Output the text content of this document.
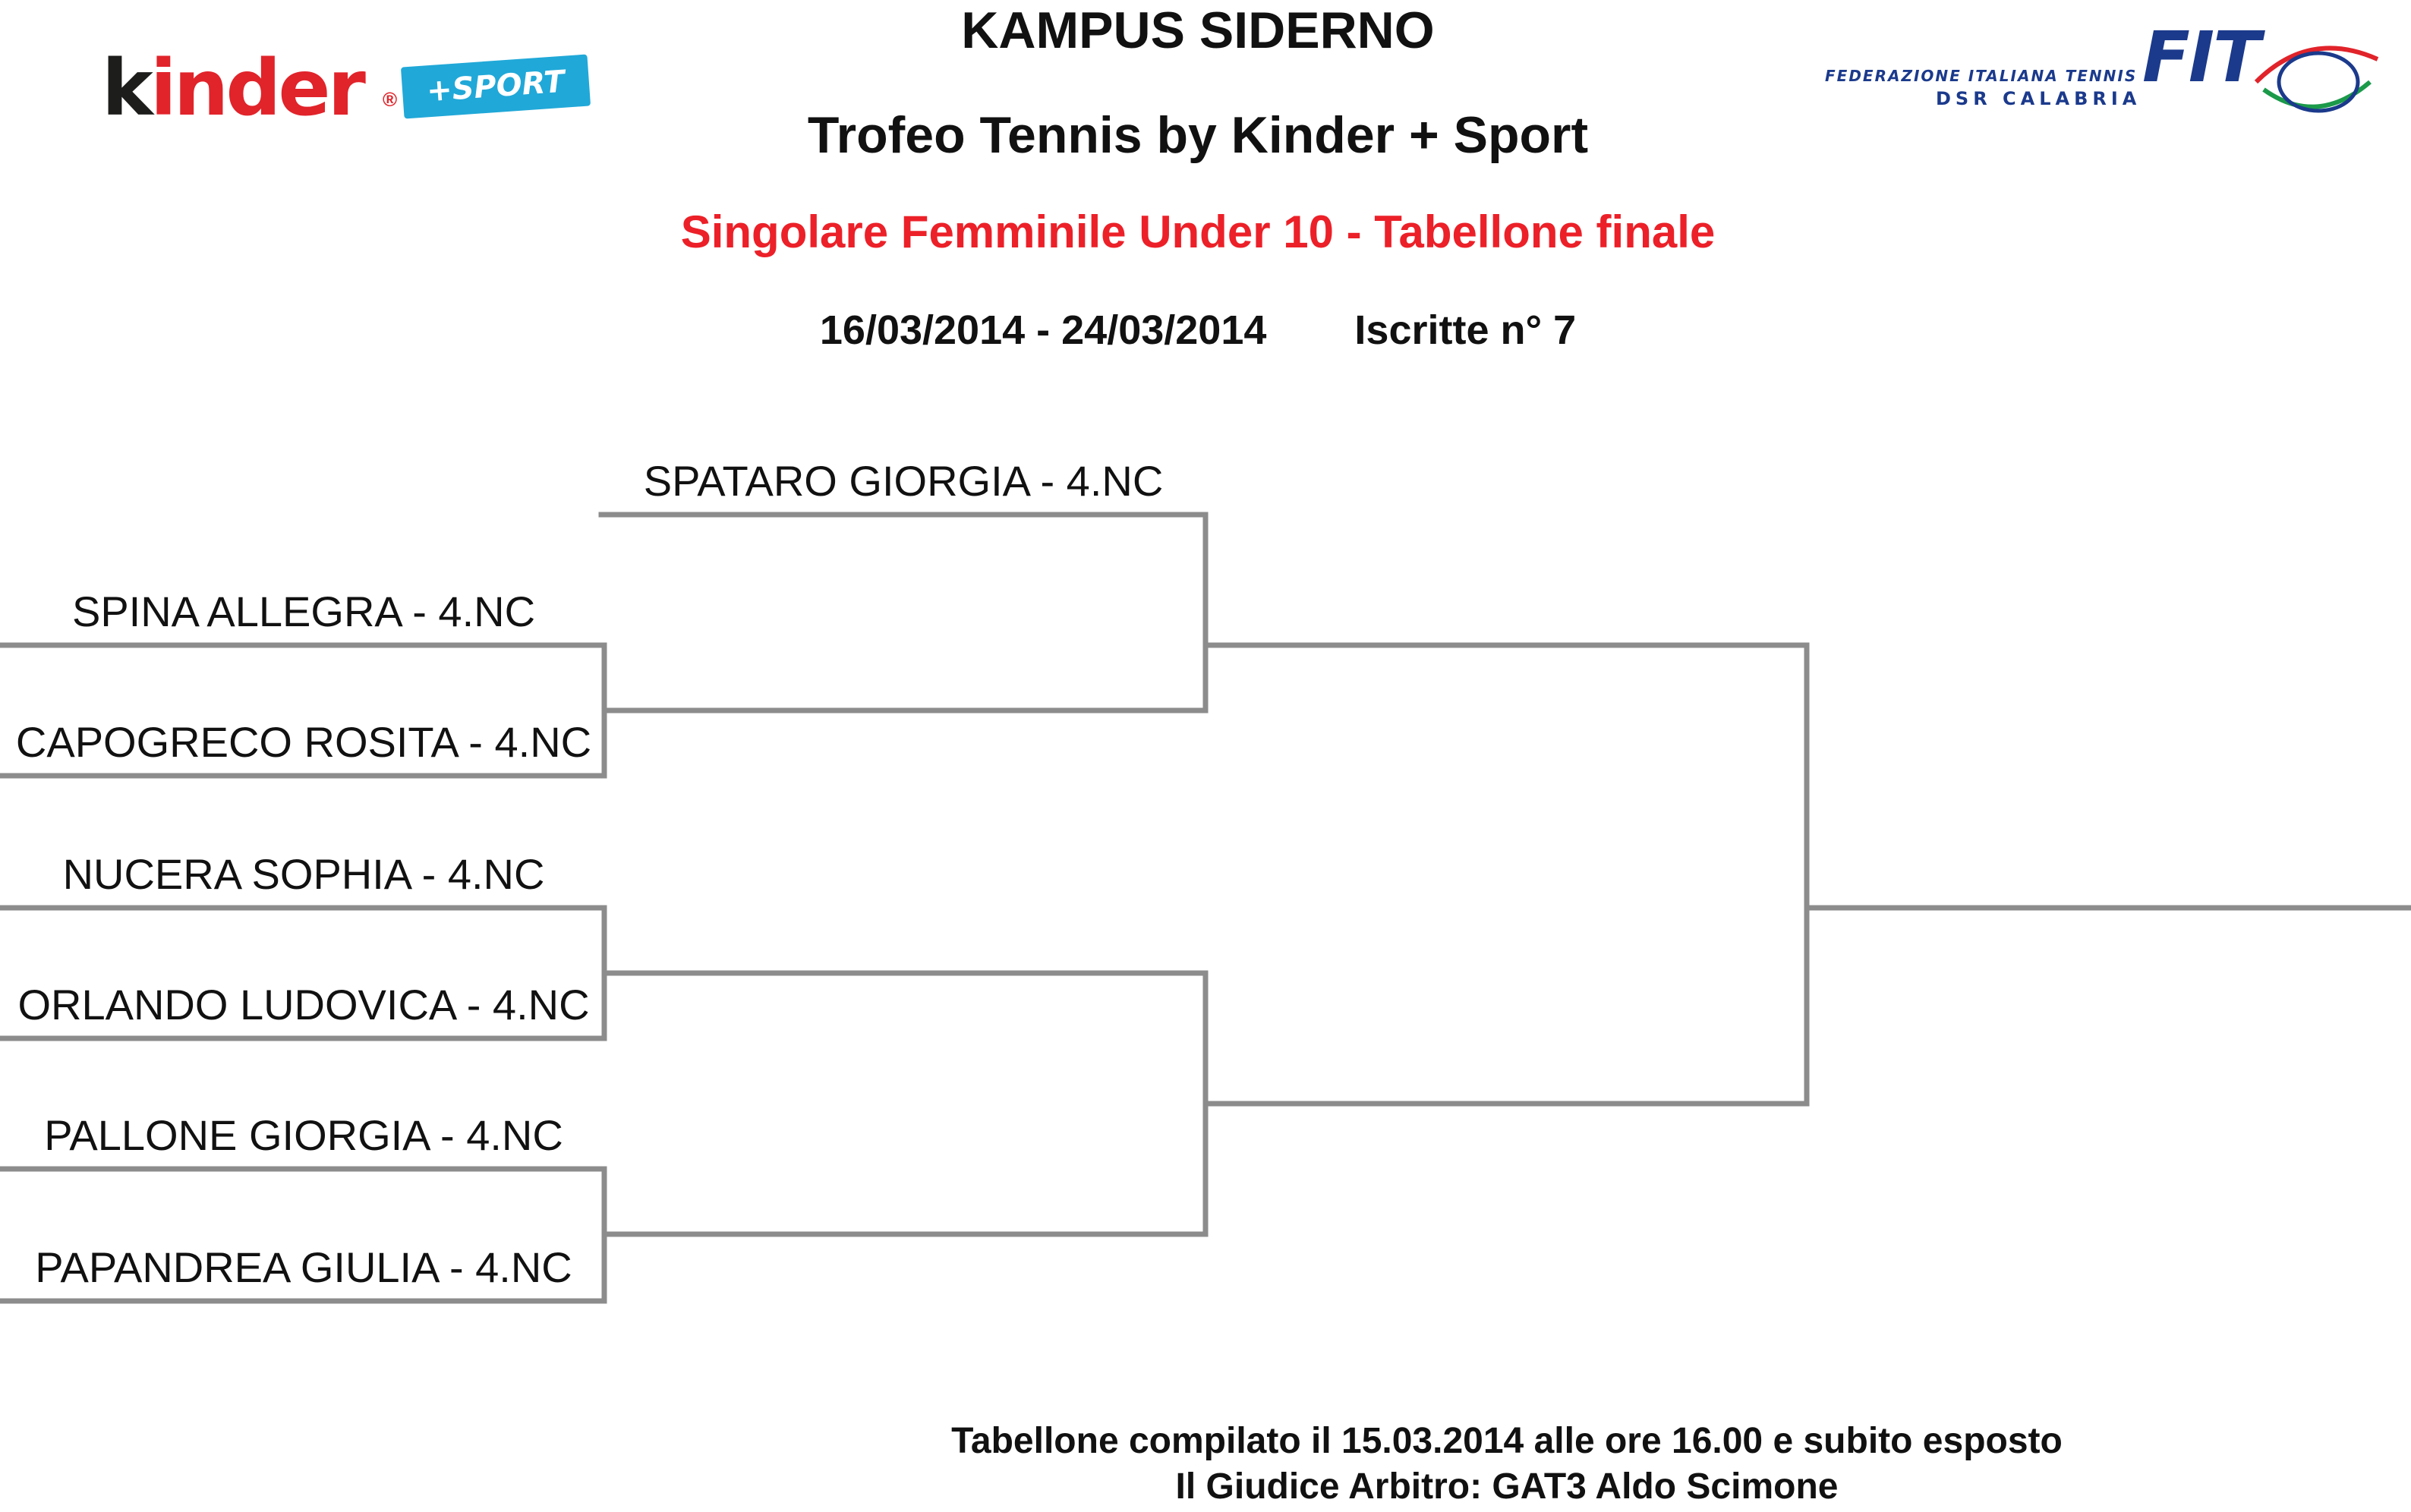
kinder ® +SPORT	FIT
FEDERAZIONE ITALIANA TENNIS
DSR CALABRIA
KAMPUS SIDERNO
Trofeo Tennis by Kinder + Sport
Singolare Femminile Under 10 - Tabellone finale
16/03/2014 - 24/03/2014 Iscritte n° 7
SPATARO GIORGIA - 4.NC
SPINA ALLEGRA - 4.NC
CAPOGRECO ROSITA - 4.NC
NUCERA SOPHIA - 4.NC
ORLANDO LUDOVICA - 4.NC
PALLONE GIORGIA - 4.NC
PAPANDREA GIULIA - 4.NC
Tabellone compilato il 15.03.2014 alle ore 16.00 e subito esposto
Il Giudice Arbitro: GAT3 Aldo Scimone
